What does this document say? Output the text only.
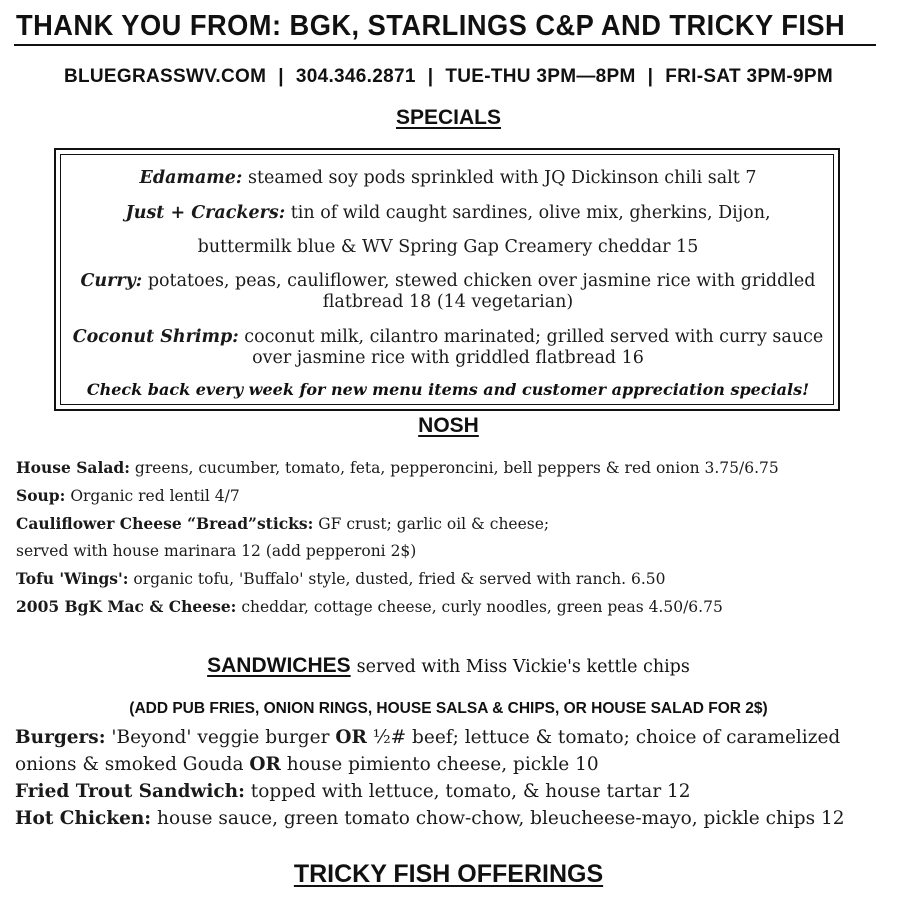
THANK YOU FROM: BGK, STARLINGS C&P AND TRICKY FISH
BLUEGRASSWV.COM | 304.346.2871 | TUE-THU 3PM—8PM | FRI-SAT 3PM-9PM
SPECIALS
Edamame: steamed soy pods sprinkled with JQ Dickinson chili salt 7
Just + Crackers: tin of wild caught sardines, olive mix, gherkins, Dijon,
buttermilk blue & WV Spring Gap Creamery cheddar 15
Curry: potatoes, peas, cauliflower, stewed chicken over jasmine rice with griddled
flatbread 18 (14 vegetarian)
Coconut Shrimp: coconut milk, cilantro marinated; grilled served with curry sauce
over jasmine rice with griddled flatbread 16
Check back every week for new menu items and customer appreciation specials!
NOSH
House Salad: greens, cucumber, tomato, feta, pepperoncini, bell peppers & red onion 3.75/6.75
Soup: Organic red lentil 4/7
Cauliflower Cheese “Bread”sticks: GF crust; garlic oil & cheese;
served with house marinara 12 (add pepperoni 2$)
Tofu 'Wings': organic tofu, 'Buffalo' style, dusted, fried & served with ranch. 6.50
2005 BgK Mac & Cheese: cheddar, cottage cheese, curly noodles, green peas 4.50/6.75
SANDWICHES served with Miss Vickie's kettle chips
(ADD PUB FRIES, ONION RINGS, HOUSE SALSA & CHIPS, OR HOUSE SALAD FOR 2$)
Burgers: 'Beyond' veggie burger OR ½# beef; lettuce & tomato; choice of caramelized
onions & smoked Gouda OR house pimiento cheese, pickle 10
Fried Trout Sandwich: topped with lettuce, tomato, & house tartar 12
Hot Chicken: house sauce, green tomato chow-chow, bleucheese-mayo, pickle chips 12
TRICKY FISH OFFERINGS
